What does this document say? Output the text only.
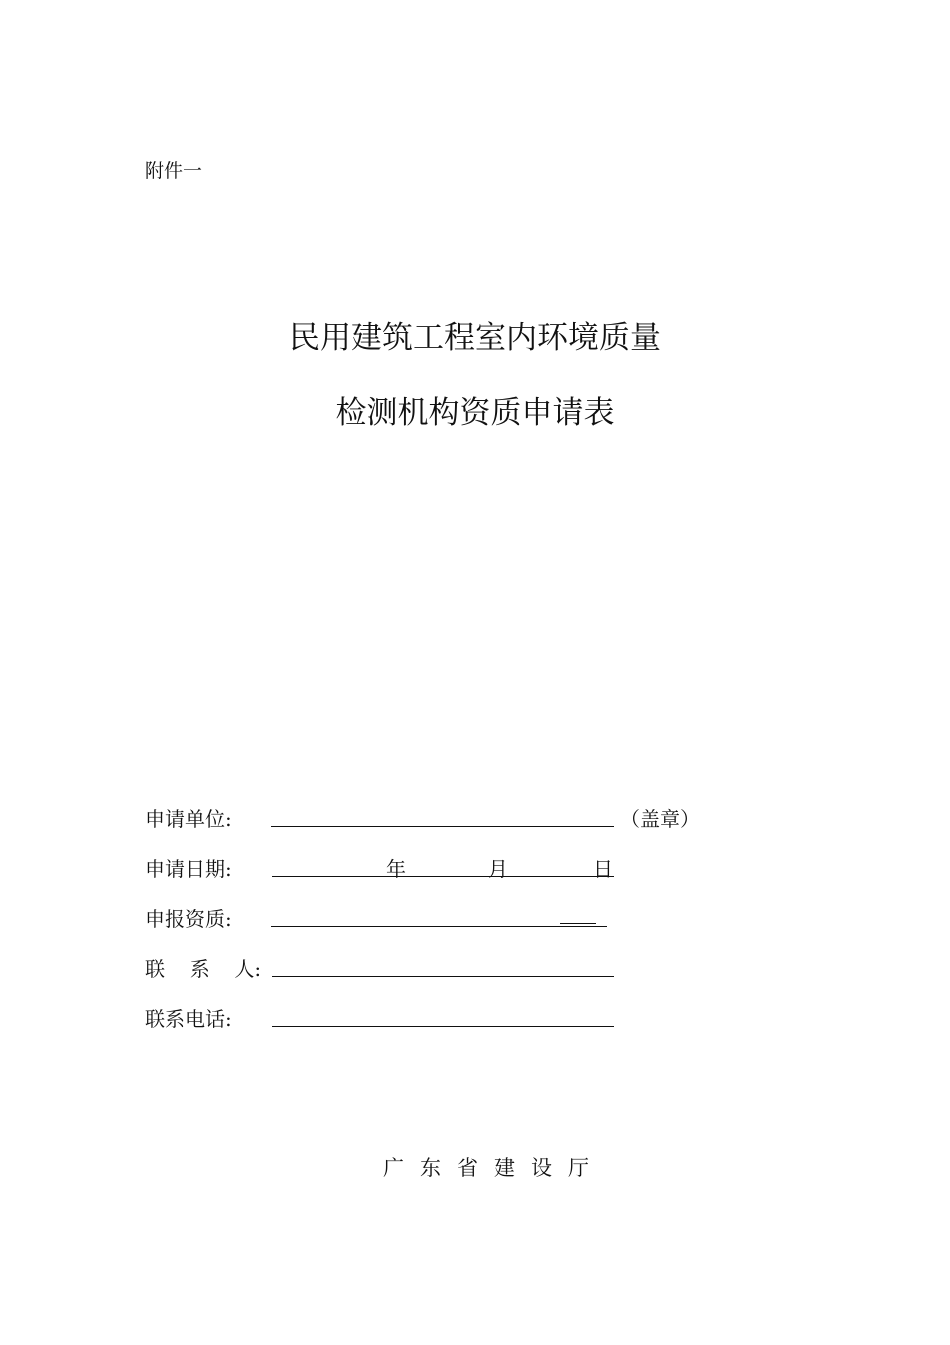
附件一
民用建筑工程室内环境质量
检测机构资质申请表
申请单位:	（盖章）
申请日期:	年	月	日
申报资质:
联  系  人:
联系电话:
广东省建设厅
